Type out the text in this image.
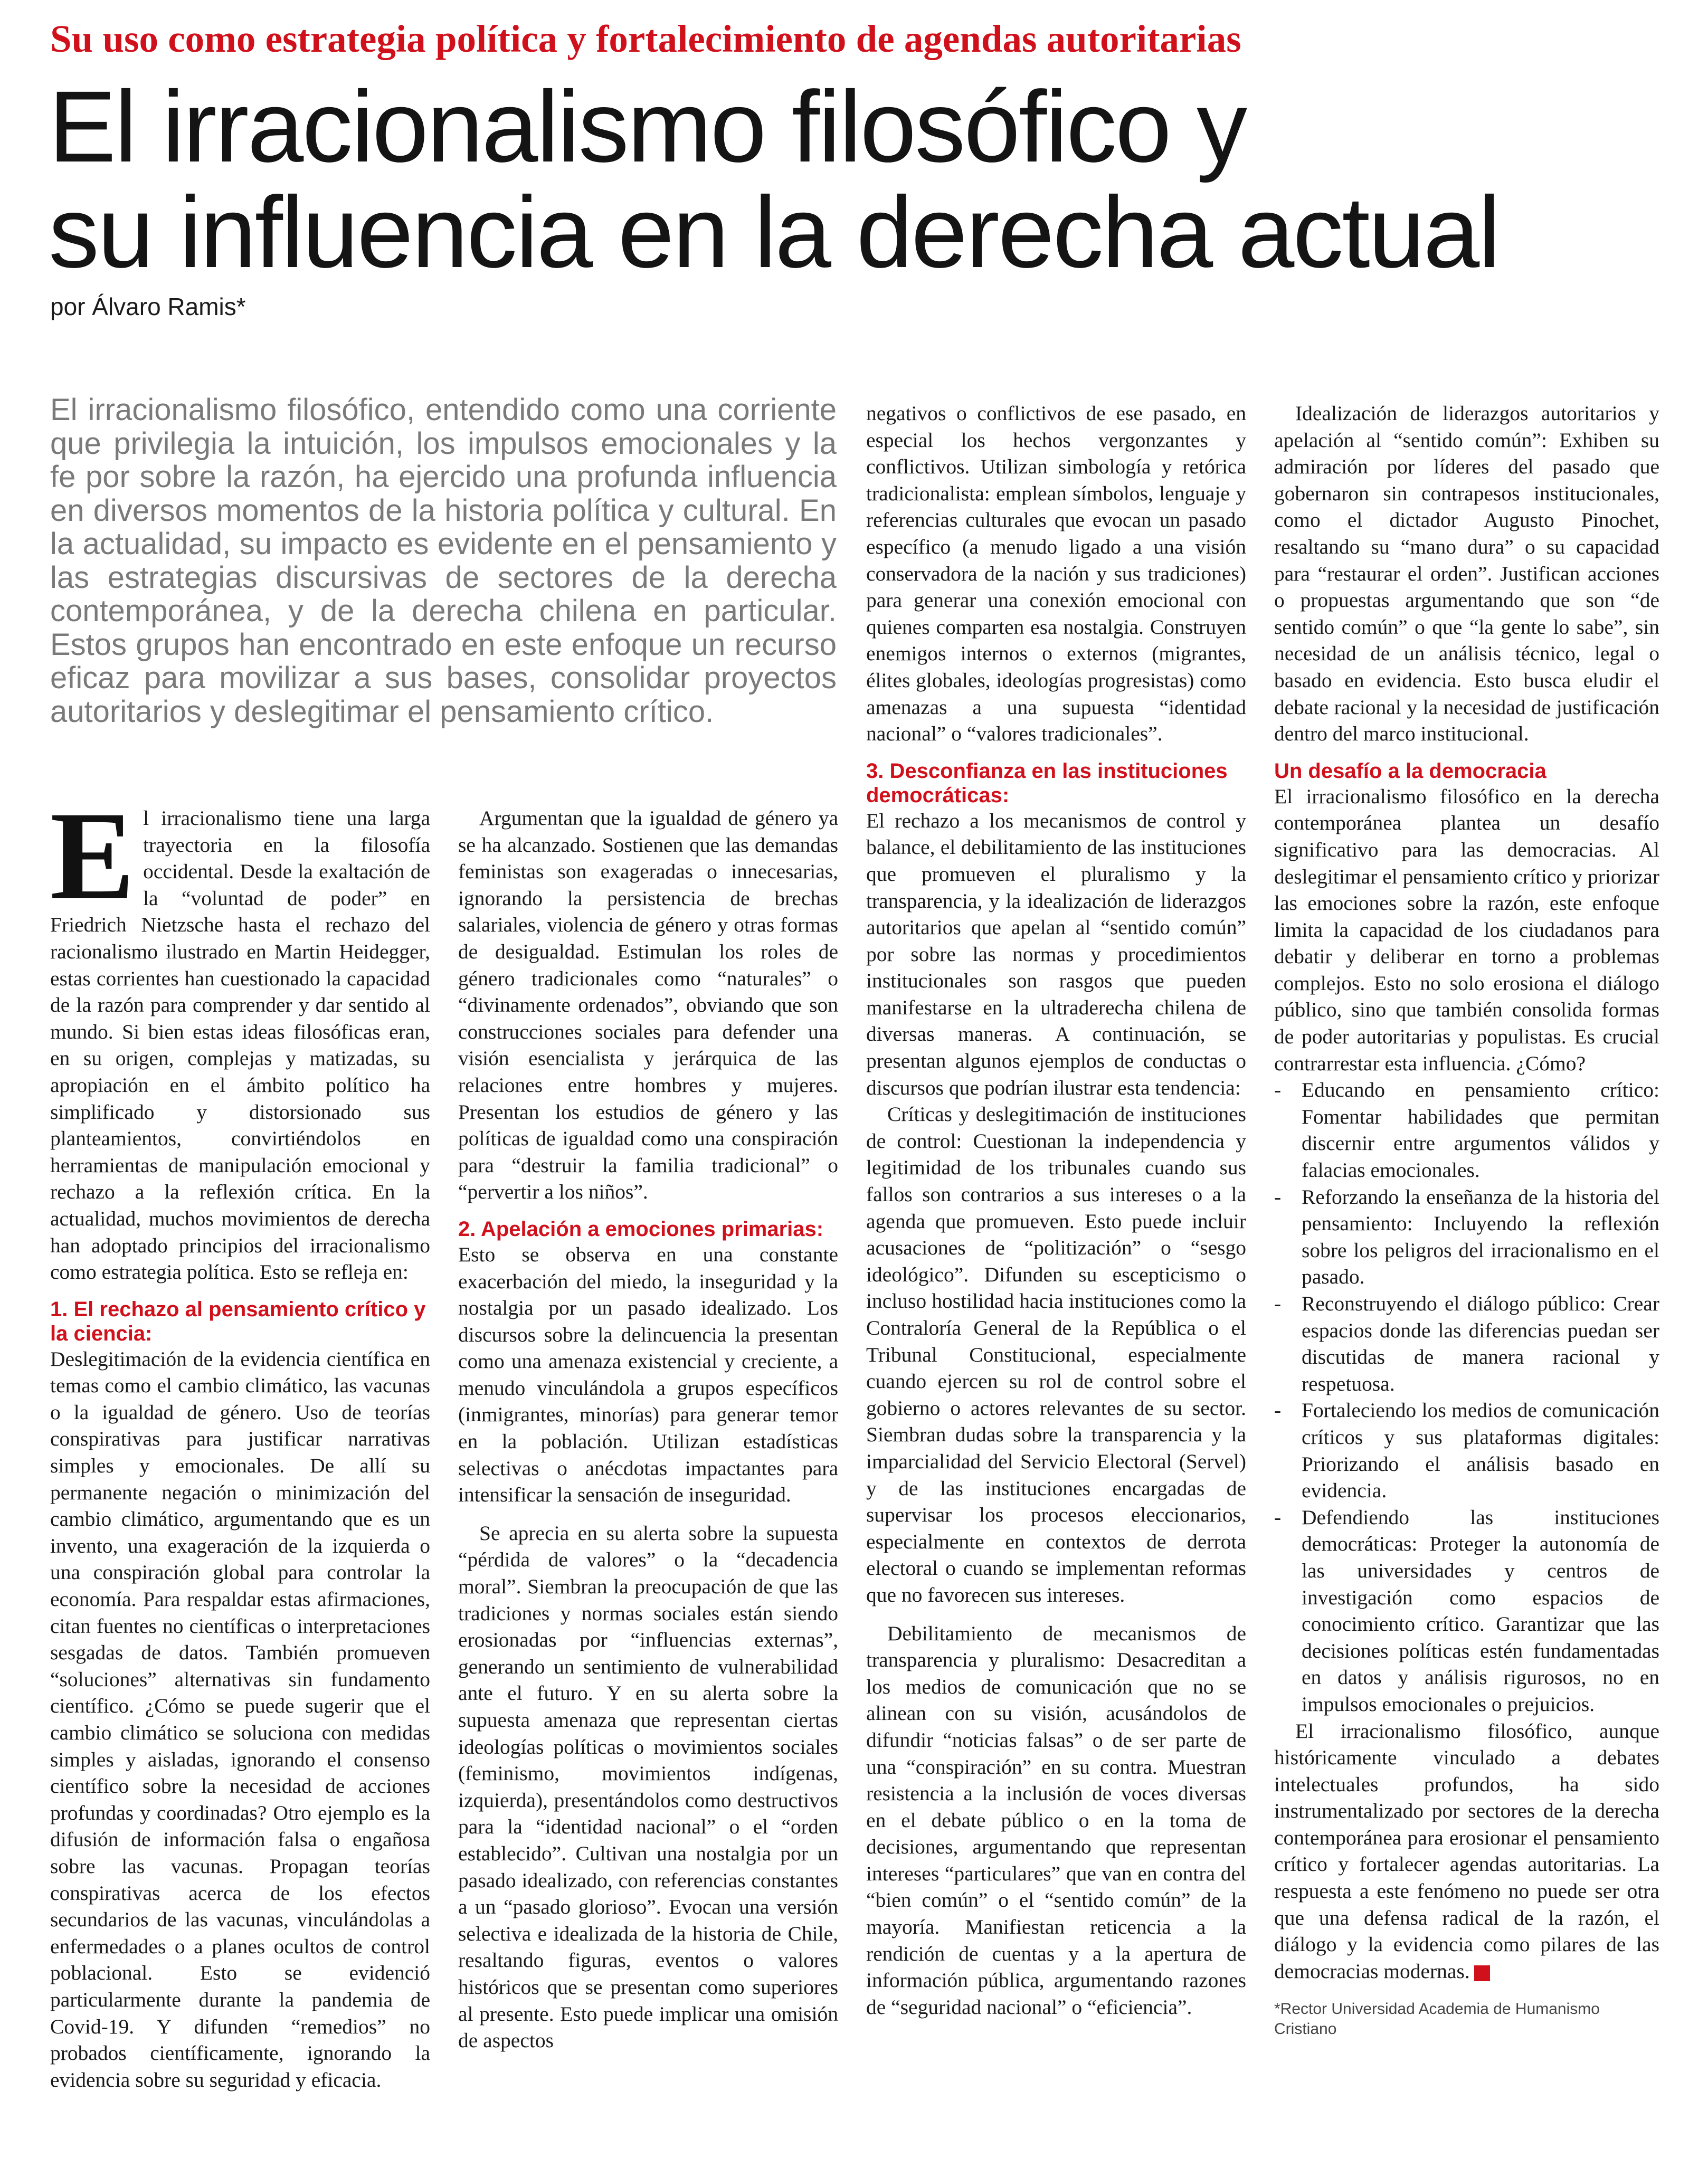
Su uso como estrategia política y fortalecimiento de agendas autoritarias
El irracionalismo filosófico y
su influencia en la derecha actual
por Álvaro Ramis*

El irracionalismo filosófico, entendido como una corriente que privilegia la intuición, los impulsos emocionales y la fe por sobre la razón, ha ejercido una profunda influencia en diversos momentos de la historia política y cultural. En la actualidad, su impacto es evidente en el pensamiento y las estrategias discursivas de sectores de la derecha contemporánea, y de la derecha chilena en particular. Estos grupos han encontrado en este enfoque un recurso eficaz para movilizar a sus bases, consolidar proyectos autoritarios y deslegitimar el pensamiento crítico.

El irracionalismo tiene una larga trayectoria en la filosofía occidental. Desde la exaltación de la “voluntad de poder” en Friedrich Nietzsche hasta el rechazo del racionalismo ilustrado en Martin Heidegger, estas corrientes han cuestionado la capacidad de la razón para comprender y dar sentido al mundo. Si bien estas ideas filosóficas eran, en su origen, complejas y matizadas, su apropiación en el ámbito político ha simplificado y distorsionado sus planteamientos, convirtiéndolos en herramientas de manipulación emocional y rechazo a la reflexión crítica. En la actualidad, muchos movimientos de derecha han adoptado principios del irracionalismo como estrategia política. Esto se refleja en:

1. El rechazo al pensamiento crítico y la ciencia:

Deslegitimación de la evidencia científica en temas como el cambio climático, las vacunas o la igualdad de género. Uso de teorías conspirativas para justificar narrativas simples y emocionales. De allí su permanente negación o minimización del cambio climático, argumentando que es un invento, una exageración de la izquierda o una conspiración global para controlar la economía. Para respaldar estas afirmaciones, citan fuentes no científicas o interpretaciones sesgadas de datos. También promueven “soluciones” alternativas sin fundamento científico. ¿Cómo se puede sugerir que el cambio climático se soluciona con medidas simples y aisladas, ignorando el consenso científico sobre la necesidad de acciones profundas y coordinadas? Otro ejemplo es la difusión de información falsa o engañosa sobre las vacunas. Propagan teorías conspirativas acerca de los efectos secundarios de las vacunas, vinculándolas a enfermedades o a planes ocultos de control poblacional. Esto se evidenció particularmente durante la pandemia de Covid-19. Y difunden “remedios” no probados científicamente, ignorando la evidencia sobre su seguridad y eficacia.

Argumentan que la igualdad de género ya se ha alcanzado. Sostienen que las demandas feministas son exageradas o innecesarias, ignorando la persistencia de brechas salariales, violencia de género y otras formas de desigualdad. Estimulan los roles de género tradicionales como “naturales” o “divinamente ordenados”, obviando que son construcciones sociales para defender una visión esencialista y jerárquica de las relaciones entre hombres y mujeres. Presentan los estudios de género y las políticas de igualdad como una conspiración para “destruir la familia tradicional” o “pervertir a los niños”.

2. Apelación a emociones primarias:

Esto se observa en una constante exacerbación del miedo, la inseguridad y la nostalgia por un pasado idealizado. Los discursos sobre la delincuencia la presentan como una amenaza existencial y creciente, a menudo vinculándola a grupos específicos (inmigrantes, minorías) para generar temor en la población. Utilizan estadísticas selectivas o anécdotas impactantes para intensificar la sensación de inseguridad.

Se aprecia en su alerta sobre la supuesta “pérdida de valores” o la “decadencia moral”. Siembran la preocupación de que las tradiciones y normas sociales están siendo erosionadas por “influencias externas”, generando un sentimiento de vulnerabilidad ante el futuro. Y en su alerta sobre la supuesta amenaza que representan ciertas ideologías políticas o movimientos sociales (feminismo, movimientos indígenas, izquierda), presentándolos como destructivos para la “identidad nacional” o el “orden establecido”. Cultivan una nostalgia por un pasado idealizado, con referencias constantes a un “pasado glorioso”. Evocan una versión selectiva e idealizada de la historia de Chile, resaltando figuras, eventos o valores históricos que se presentan como superiores al presente. Esto puede implicar una omisión de aspectos

negativos o conflictivos de ese pasado, en especial los hechos vergonzantes y conflictivos. Utilizan simbología y retórica tradicionalista: emplean símbolos, lenguaje y referencias culturales que evocan un pasado específico (a menudo ligado a una visión conservadora de la nación y sus tradiciones) para generar una conexión emocional con quienes comparten esa nostalgia. Construyen enemigos internos o externos (migrantes, élites globales, ideologías progresistas) como amenazas a una supuesta “identidad nacional” o “valores tradicionales”.

3. Desconfianza en las instituciones democráticas:

El rechazo a los mecanismos de control y balance, el debilitamiento de las instituciones que promueven el pluralismo y la transparencia, y la idealización de liderazgos autoritarios que apelan al “sentido común” por sobre las normas y procedimientos institucionales son rasgos que pueden manifestarse en la ultraderecha chilena de diversas maneras. A continuación, se presentan algunos ejemplos de conductas o discursos que podrían ilustrar esta tendencia:

Críticas y deslegitimación de instituciones de control: Cuestionan la independencia y legitimidad de los tribunales cuando sus fallos son contrarios a sus intereses o a la agenda que promueven. Esto puede incluir acusaciones de “politización” o “sesgo ideológico”. Difunden su escepticismo o incluso hostilidad hacia instituciones como la Contraloría General de la República o el Tribunal Constitucional, especialmente cuando ejercen su rol de control sobre el gobierno o actores relevantes de su sector. Siembran dudas sobre la transparencia y la imparcialidad del Servicio Electoral (Servel) y de las instituciones encargadas de supervisar los procesos eleccionarios, especialmente en contextos de derrota electoral o cuando se implementan reformas que no favorecen sus intereses.

Debilitamiento de mecanismos de transparencia y pluralismo: Desacreditan a los medios de comunicación que no se alinean con su visión, acusándolos de difundir “noticias falsas” o de ser parte de una “conspiración” en su contra. Muestran resistencia a la inclusión de voces diversas en el debate público o en la toma de decisiones, argumentando que representan intereses “particulares” que van en contra del “bien común” o el “sentido común” de la mayoría. Manifiestan reticencia a la rendición de cuentas y a la apertura de información pública, argumentando razones de “seguridad nacional” o “eficiencia”.

Idealización de liderazgos autoritarios y apelación al “sentido común”: Exhiben su admiración por líderes del pasado que gobernaron sin contrapesos institucionales, como el dictador Augusto Pinochet, resaltando su “mano dura” o su capacidad para “restaurar el orden”. Justifican acciones o propuestas argumentando que son “de sentido común” o que “la gente lo sabe”, sin necesidad de un análisis técnico, legal o basado en evidencia. Esto busca eludir el debate racional y la necesidad de justificación dentro del marco institucional.

Un desafío a la democracia

El irracionalismo filosófico en la derecha contemporánea plantea un desafío significativo para las democracias. Al deslegitimar el pensamiento crítico y priorizar las emociones sobre la razón, este enfoque limita la capacidad de los ciudadanos para debatir y deliberar en torno a problemas complejos. Esto no solo erosiona el diálogo público, sino que también consolida formas de poder autoritarias y populistas. Es crucial contrarrestar esta influencia. ¿Cómo?

- Educando en pensamiento crítico: Fomentar habilidades que permitan discernir entre argumentos válidos y falacias emocionales.

- Reforzando la enseñanza de la historia del pensamiento: Incluyendo la reflexión sobre los peligros del irracionalismo en el pasado.

- Reconstruyendo el diálogo público: Crear espacios donde las diferencias puedan ser discutidas de manera racional y respetuosa.

- Fortaleciendo los medios de comunicación críticos y sus plataformas digitales: Priorizando el análisis basado en evidencia.

- Defendiendo las instituciones democráticas: Proteger la autonomía de las universidades y centros de investigación como espacios de conocimiento crítico. Garantizar que las decisiones políticas estén fundamentadas en datos y análisis rigurosos, no en impulsos emocionales o prejuicios.

El irracionalismo filosófico, aunque históricamente vinculado a debates intelectuales profundos, ha sido instrumentalizado por sectores de la derecha contemporánea para erosionar el pensamiento crítico y fortalecer agendas autoritarias. La respuesta a este fenómeno no puede ser otra que una defensa radical de la razón, el diálogo y la evidencia como pilares de las democracias modernas.

*Rector Universidad Academia de Humanismo Cristiano
